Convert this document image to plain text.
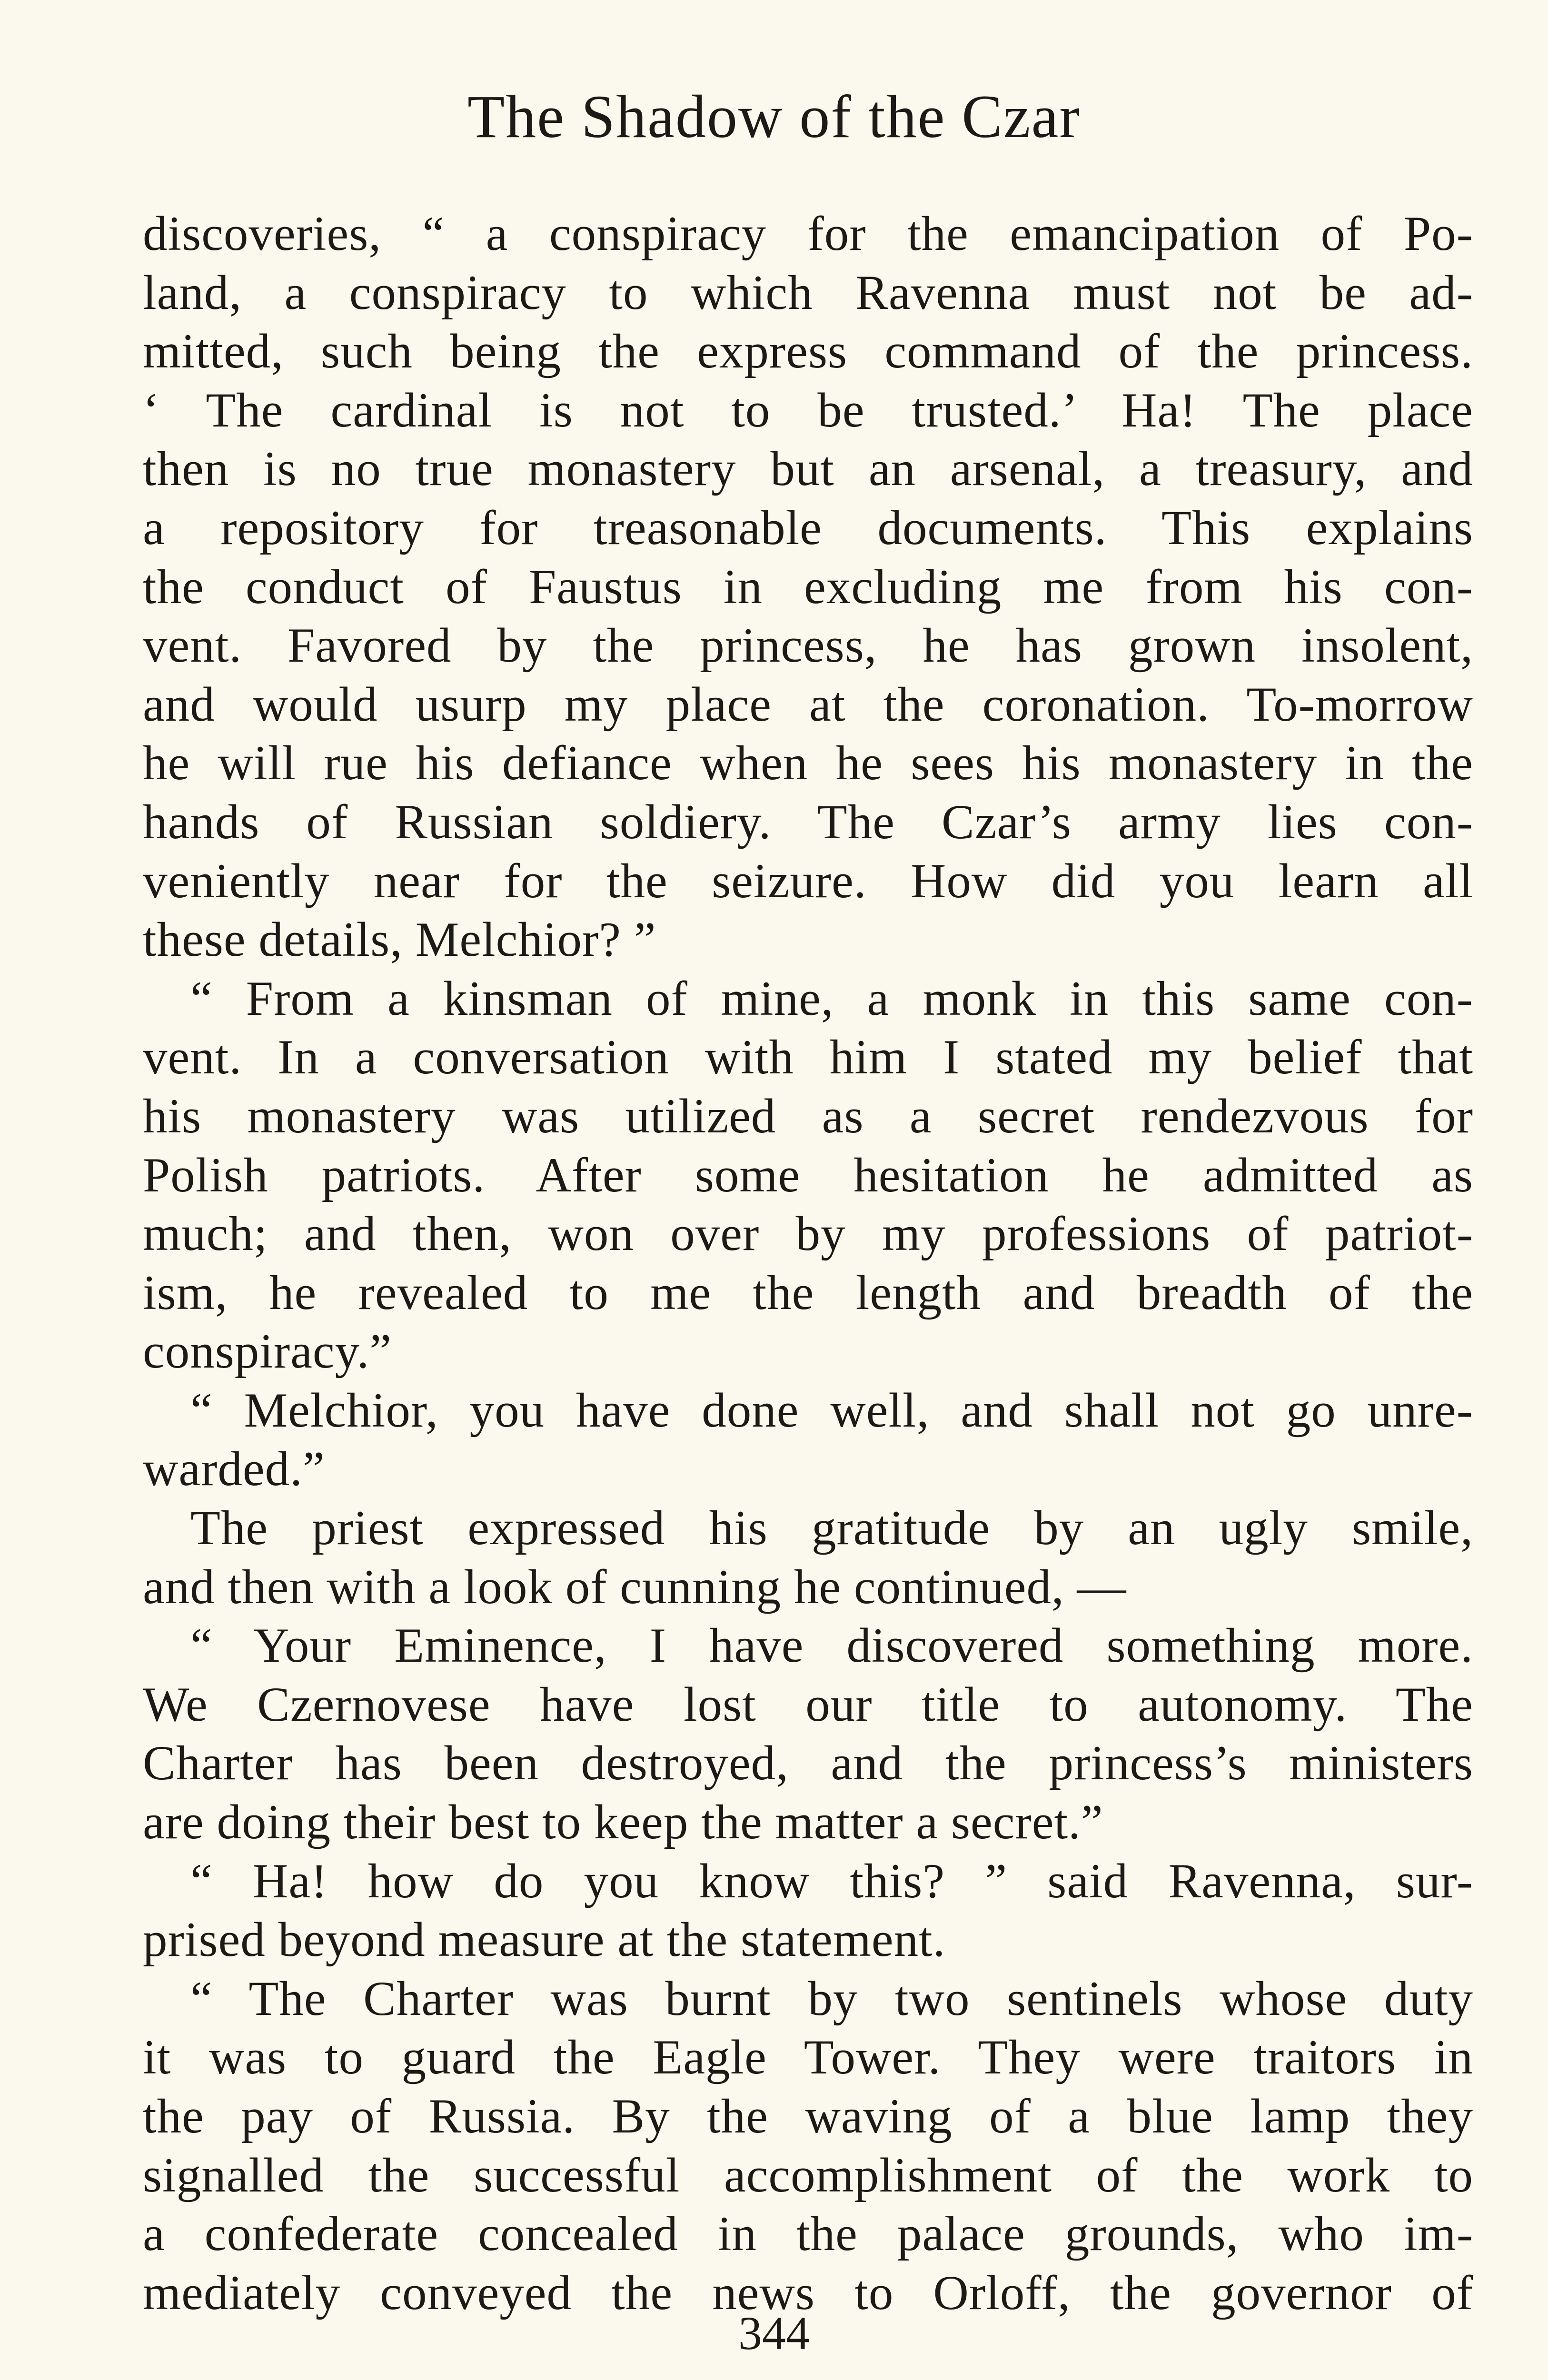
The Shadow of the Czar
discoveries, “ a conspiracy for the emancipation of Po-
land, a conspiracy to which Ravenna must not be ad-
mitted, such being the express command of the princess.
‘ The cardinal is not to be trusted.’ Ha! The place
then is no true monastery but an arsenal, a treasury, and
a repository for treasonable documents. This explains
the conduct of Faustus in excluding me from his con-
vent. Favored by the princess, he has grown insolent,
and would usurp my place at the coronation. To-morrow
he will rue his defiance when he sees his monastery in the
hands of Russian soldiery. The Czar’s army lies con-
veniently near for the seizure. How did you learn all
these details, Melchior? ”
“ From a kinsman of mine, a monk in this same con-
vent. In a conversation with him I stated my belief that
his monastery was utilized as a secret rendezvous for
Polish patriots. After some hesitation he admitted as
much; and then, won over by my professions of patriot-
ism, he revealed to me the length and breadth of the
conspiracy.”
“ Melchior, you have done well, and shall not go unre-
warded.”
The priest expressed his gratitude by an ugly smile,
and then with a look of cunning he continued, —
“ Your Eminence, I have discovered something more.
We Czernovese have lost our title to autonomy. The
Charter has been destroyed, and the princess’s ministers
are doing their best to keep the matter a secret.”
“ Ha! how do you know this? ” said Ravenna, sur-
prised beyond measure at the statement.
“ The Charter was burnt by two sentinels whose duty
it was to guard the Eagle Tower. They were traitors in
the pay of Russia. By the waving of a blue lamp they
signalled the successful accomplishment of the work to
a confederate concealed in the palace grounds, who im-
mediately conveyed the news to Orloff, the governor of
344
